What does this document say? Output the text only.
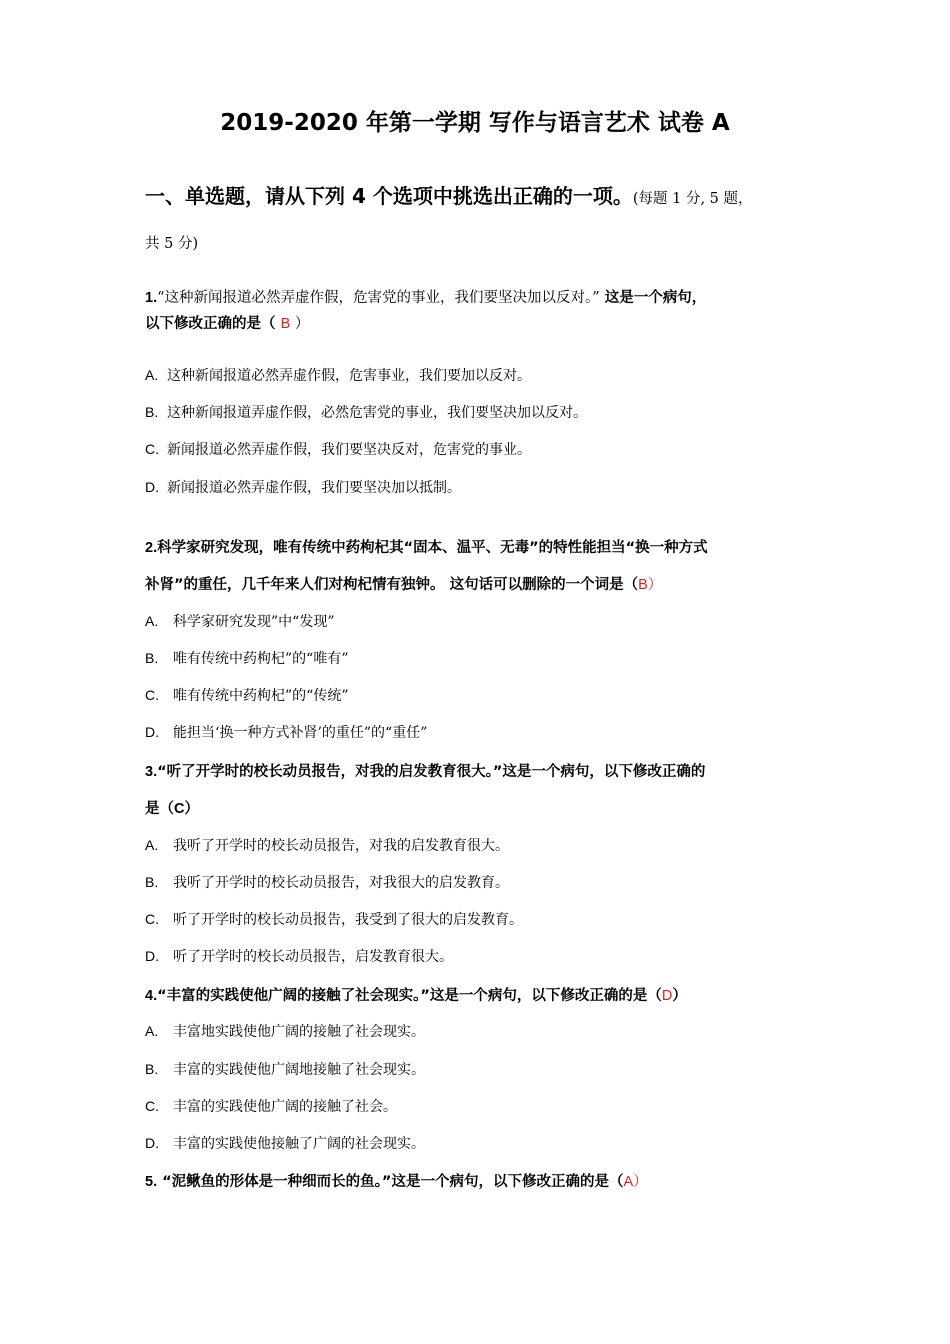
2019-2020 年第一学期 写作与语言艺术 试卷 A
一、单选题，请从下列 4 个选项中挑选出正确的一项。(每题 1 分, 5 题，
共 5 分)
1.“这种新闻报道必然弄虚作假，危害党的事业，我们要坚决加以反对。” 这是一个病句，
以下修改正确的是（ B ）
A. 这种新闻报道必然弄虚作假，危害事业，我们要加以反对。
B. 这种新闻报道弄虚作假，必然危害党的事业，我们要坚决加以反对。
C. 新闻报道必然弄虚作假，我们要坚决反对，危害党的事业。
D. 新闻报道必然弄虚作假，我们要坚决加以抵制。
2.科学家研究发现，唯有传统中药枸杞其“固本、温平、无毒”的特性能担当“换一种方式
补肾”的重任，几千年来人们对枸杞情有独钟。 这句话可以删除的一个词是（B）
A. 科学家研究发现”中“发现”
B. 唯有传统中药枸杞”的“唯有”
C. 唯有传统中药枸杞”的“传统”
D. 能担当‘换一种方式补肾’的重任”的“重任”
3.“听了开学时的校长动员报告，对我的启发教育很大。”这是一个病句，以下修改正确的
是（C）
A. 我听了开学时的校长动员报告，对我的启发教育很大。
B. 我听了开学时的校长动员报告，对我很大的启发教育。
C. 听了开学时的校长动员报告，我受到了很大的启发教育。
D. 听了开学时的校长动员报告，启发教育很大。
4.“丰富的实践使他广阔的接触了社会现实。”这是一个病句，以下修改正确的是（D）
A. 丰富地实践使他广阔的接触了社会现实。
B. 丰富的实践使他广阔地接触了社会现实。
C. 丰富的实践使他广阔的接触了社会。
D. 丰富的实践使他接触了广阔的社会现实。
5. “泥鳅鱼的形体是一种细而长的鱼。”这是一个病句，以下修改正确的是（A）
